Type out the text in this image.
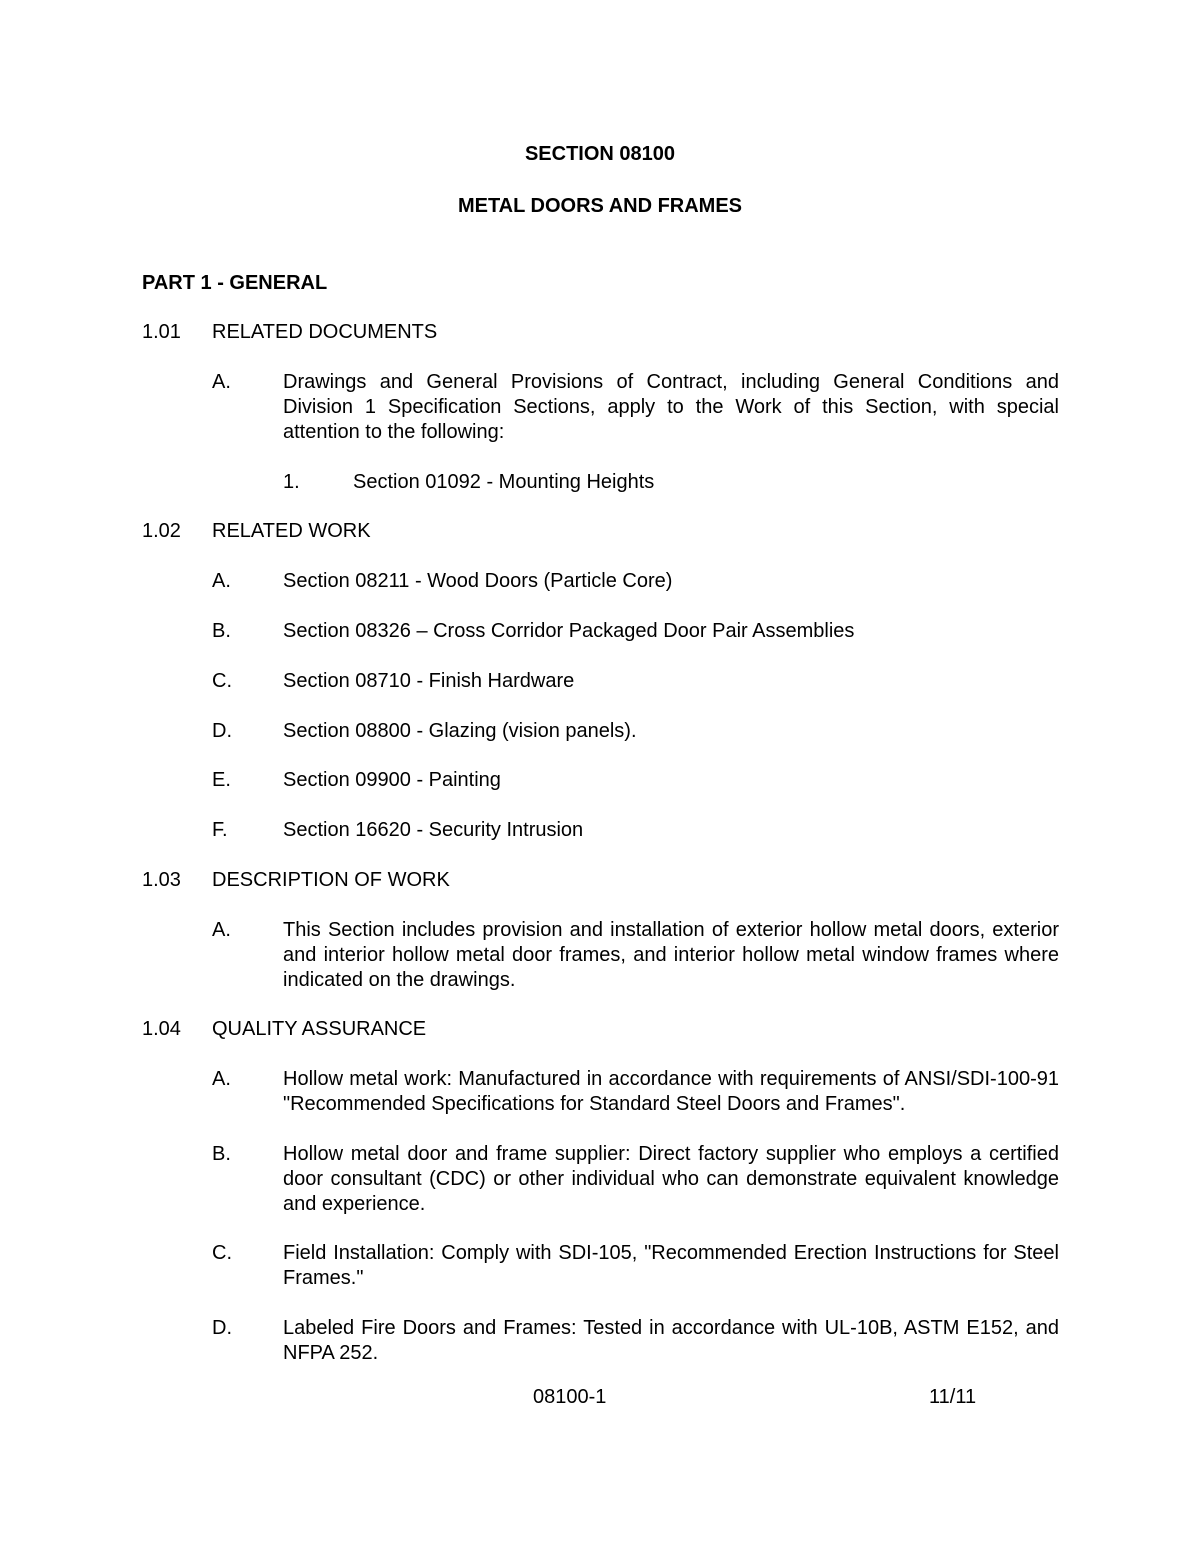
SECTION 08100
METAL DOORS AND FRAMES
PART 1 - GENERAL
1.01 RELATED DOCUMENTS
A.	Drawings and General Provisions of Contract, including General Conditions and Division 1 Specification Sections, apply to the Work of this Section, with special attention to the following:
1.	Section 01092 - Mounting Heights
1.02 RELATED WORK
A.	Section 08211 - Wood Doors (Particle Core)
B.	Section 08326 – Cross Corridor Packaged Door Pair Assemblies
C.	Section 08710 - Finish Hardware
D.	Section 08800 - Glazing (vision panels).
E.	Section 09900 - Painting
F.	Section 16620 - Security Intrusion
1.03 DESCRIPTION OF WORK
A.	This Section includes provision and installation of exterior hollow metal doors, exterior and interior hollow metal door frames, and interior hollow metal window frames where indicated on the drawings.
1.04 QUALITY ASSURANCE
A.	Hollow metal work: Manufactured in accordance with requirements of ANSI/SDI-100-91 "Recommended Specifications for Standard Steel Doors and Frames".
B.	Hollow metal door and frame supplier: Direct factory supplier who employs a certified door consultant (CDC) or other individual who can demonstrate equivalent knowledge and experience.
C.	Field Installation: Comply with SDI-105, "Recommended Erection Instructions for Steel Frames."
D.	Labeled Fire Doors and Frames: Tested in accordance with UL-10B, ASTM E152, and NFPA 252.
08100-1	11/11
